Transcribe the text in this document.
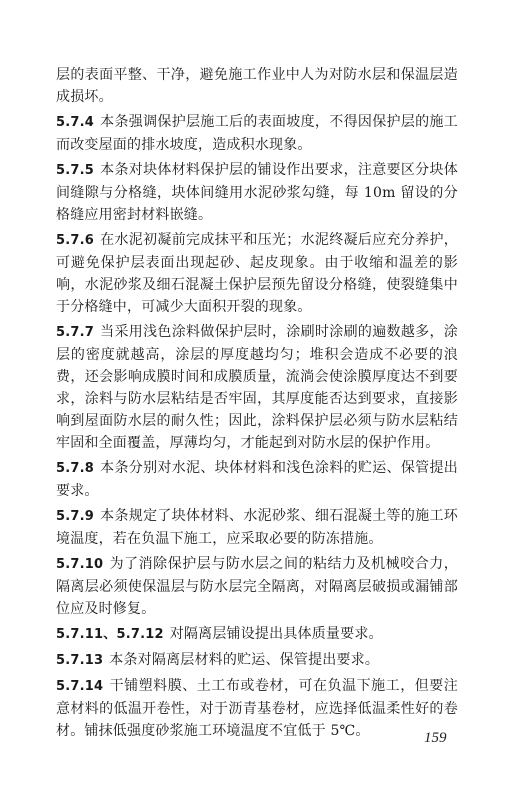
层的表面平整、干净，避免施工作业中人为对防水层和保温层造成损坏。

5.7.4 本条强调保护层施工后的表面坡度，不得因保护层的施工而改变屋面的排水坡度，造成积水现象。

5.7.5 本条对块体材料保护层的铺设作出要求，注意要区分块体间缝隙与分格缝，块体间缝用水泥砂浆勾缝，每 10m 留设的分格缝应用密封材料嵌缝。

5.7.6 在水泥初凝前完成抹平和压光；水泥终凝后应充分养护，可避免保护层表面出现起砂、起皮现象。由于收缩和温差的影响，水泥砂浆及细石混凝土保护层预先留设分格缝，使裂缝集中于分格缝中，可减少大面积开裂的现象。

5.7.7 当采用浅色涂料做保护层时，涂刷时涂刷的遍数越多，涂层的密度就越高，涂层的厚度越均匀；堆积会造成不必要的浪费，还会影响成膜时间和成膜质量，流淌会使涂膜厚度达不到要求，涂料与防水层粘结是否牢固，其厚度能否达到要求，直接影响到屋面防水层的耐久性；因此，涂料保护层必须与防水层粘结牢固和全面覆盖，厚薄均匀，才能起到对防水层的保护作用。

5.7.8 本条分别对水泥、块体材料和浅色涂料的贮运、保管提出要求。

5.7.9 本条规定了块体材料、水泥砂浆、细石混凝土等的施工环境温度，若在负温下施工，应采取必要的防冻措施。

5.7.10 为了消除保护层与防水层之间的粘结力及机械咬合力，隔离层必须使保温层与防水层完全隔离，对隔离层破损或漏铺部位应及时修复。

5.7.11、5.7.12 对隔离层铺设提出具体质量要求。

5.7.13 本条对隔离层材料的贮运、保管提出要求。

5.7.14 干铺塑料膜、土工布或卷材，可在负温下施工，但要注意材料的低温开卷性，对于沥青基卷材，应选择低温柔性好的卷材。铺抹低强度砂浆施工环境温度不宜低于 5℃。	159
